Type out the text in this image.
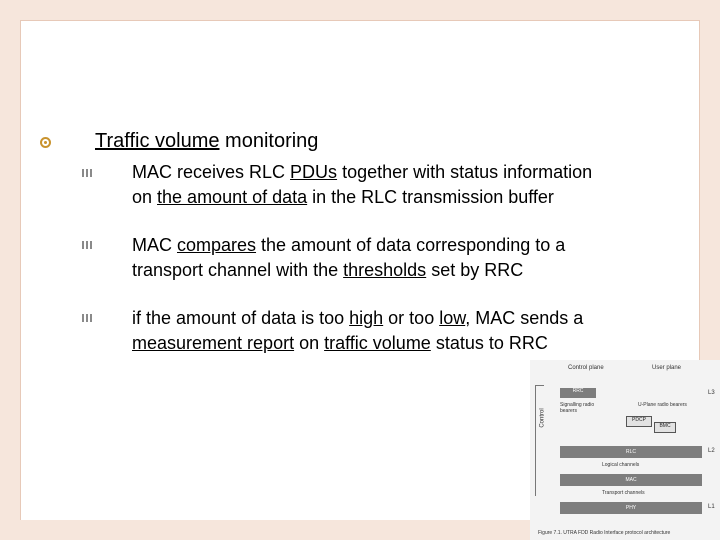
Traffic volume monitoring
MAC receives RLC PDUs together with status information on the amount of data in the RLC transmission buffer
MAC compares the amount of data corresponding to a transport channel with the thresholds set by RRC
if the amount of data is too high or too low, MAC sends a measurement report on traffic volume status to RRC
Control plane	User plane
Control
RRC
Signalling radio bearers
U-Plane radio bearers
PDCP
BMC
RLC
Logical channels
MAC
Transport channels
PHY
L3
L2
L1
Figure 7.1. UTRA FDD Radio Interface protocol architecture
